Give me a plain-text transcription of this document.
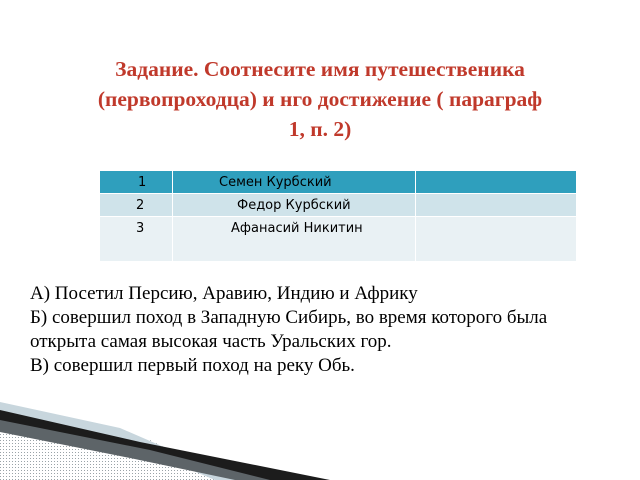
Задание. Соотнесите имя путешественика
(первопроходца) и нго достижение ( параграф
1, п. 2)
1	Семен Курбский	

2	Федор Курбский	

3	Афанасий Никитин	

А) Посетил Персию, Аравию, Индию и Африку
Б) совершил поход в Западную Сибирь, во время которого была
открыта самая высокая часть Уральских гор.
В) совершил первый поход на реку Обь.
